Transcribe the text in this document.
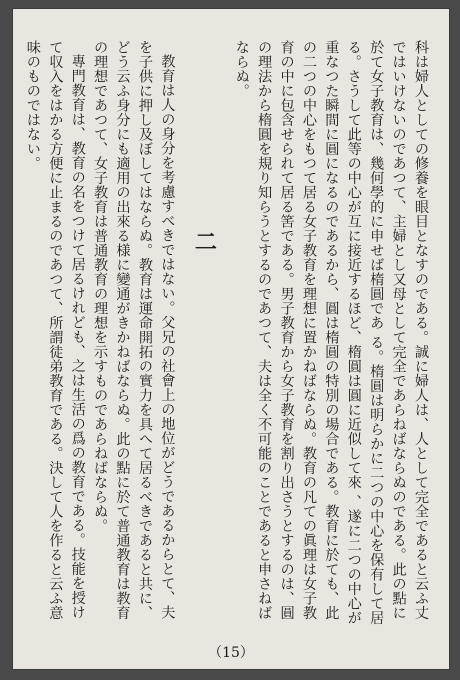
科は婦人としての修養を眼目となすのである。誠に婦人は、人として完全であると云ふ丈ではいけないのであつて、主婦とし又母として完全であらねばならぬのである。此の點に於て女子教育は、幾何學的に申せば楕圓であ る。楕圓は明らかに二つの中心を保有して居る。さうして此等の中心が互に接近するほど、楕圓は圓に近似して來 、遂に二つの中心が重なつた瞬間に圓になるのであるから、圓は楕圓の特別の場合である。教育に於ても、此の二つの中心をもつて居る女子教育を理想に置かねばならぬ。教育の凡ての眞理は女子教育の中に包含せられて居る筈である。男子教育から女子教育を割り出さうとするのは、圓の理法から楕圓を規り知らうとするのであつて、夫は全く不可能のことであると申さねばならぬ。

二

教育は人の身分を考慮すべきではない。父兄の社會上の地位がどうであるからとて、夫を子供に押し及ぼしてはならぬ。教育は運命開拓の實力を具へて居るべきであると共に、どう云ふ身分にも適用の出來る様に變通がきかねばならぬ。此の點に於て普通教育は教育の理想であつて、女子教育は普通教育の理想を示すものであらねばならぬ。

專門教育は、教育の名をつけて居るけれども、之は生活の爲の教育である。技能を授けて収入をはかる方便に止まるのであつて、所謂徒弟教育である。決して人を作ると云ふ意味のものではない。

（15）
